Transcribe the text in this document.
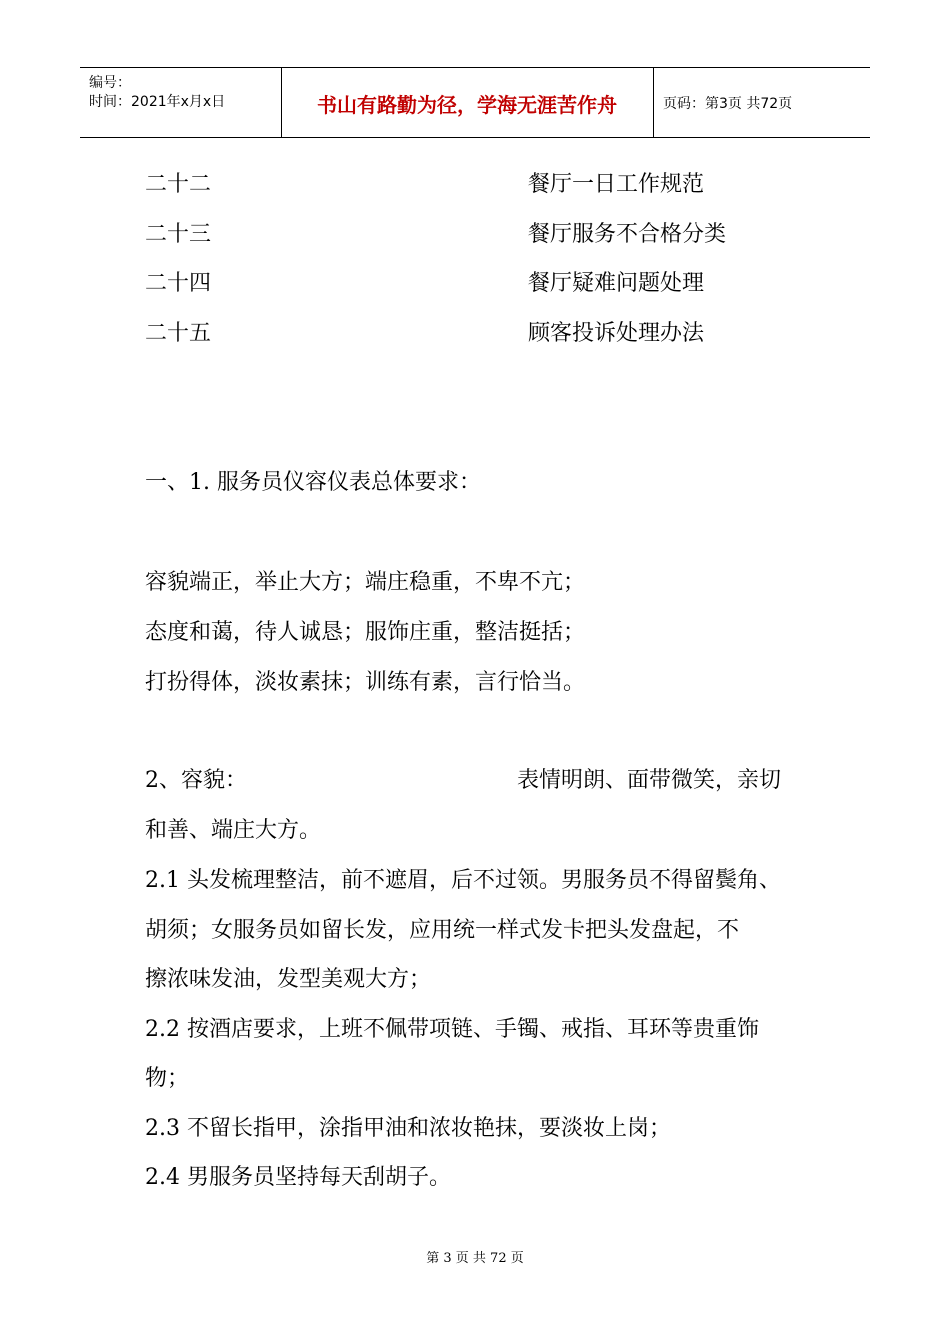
编号：
时间：2021年x月x日	书山有路勤为径，学海无涯苦作舟	页码：第3页 共72页
二十二	餐厅一日工作规范
二十三	餐厅服务不合格分类
二十四	餐厅疑难问题处理
二十五	顾客投诉处理办法
一、1. 服务员仪容仪表总体要求：
容貌端正，举止大方；端庄稳重，不卑不亢；
态度和蔼，待人诚恳；服饰庄重，整洁挺括；
打扮得体，淡妆素抹；训练有素，言行恰当。
2、容貌：	表情明朗、面带微笑，亲切
和善、端庄大方。
2.1 头发梳理整洁，前不遮眉，后不过领。男服务员不得留鬓角、
胡须；女服务员如留长发，应用统一样式发卡把头发盘起，不
擦浓味发油，发型美观大方；
2.2 按酒店要求，上班不佩带项链、手镯、戒指、耳环等贵重饰
物；
2.3 不留长指甲，涂指甲油和浓妆艳抹，要淡妆上岗；
2.4 男服务员坚持每天刮胡子。
第 3 页 共 72 页
